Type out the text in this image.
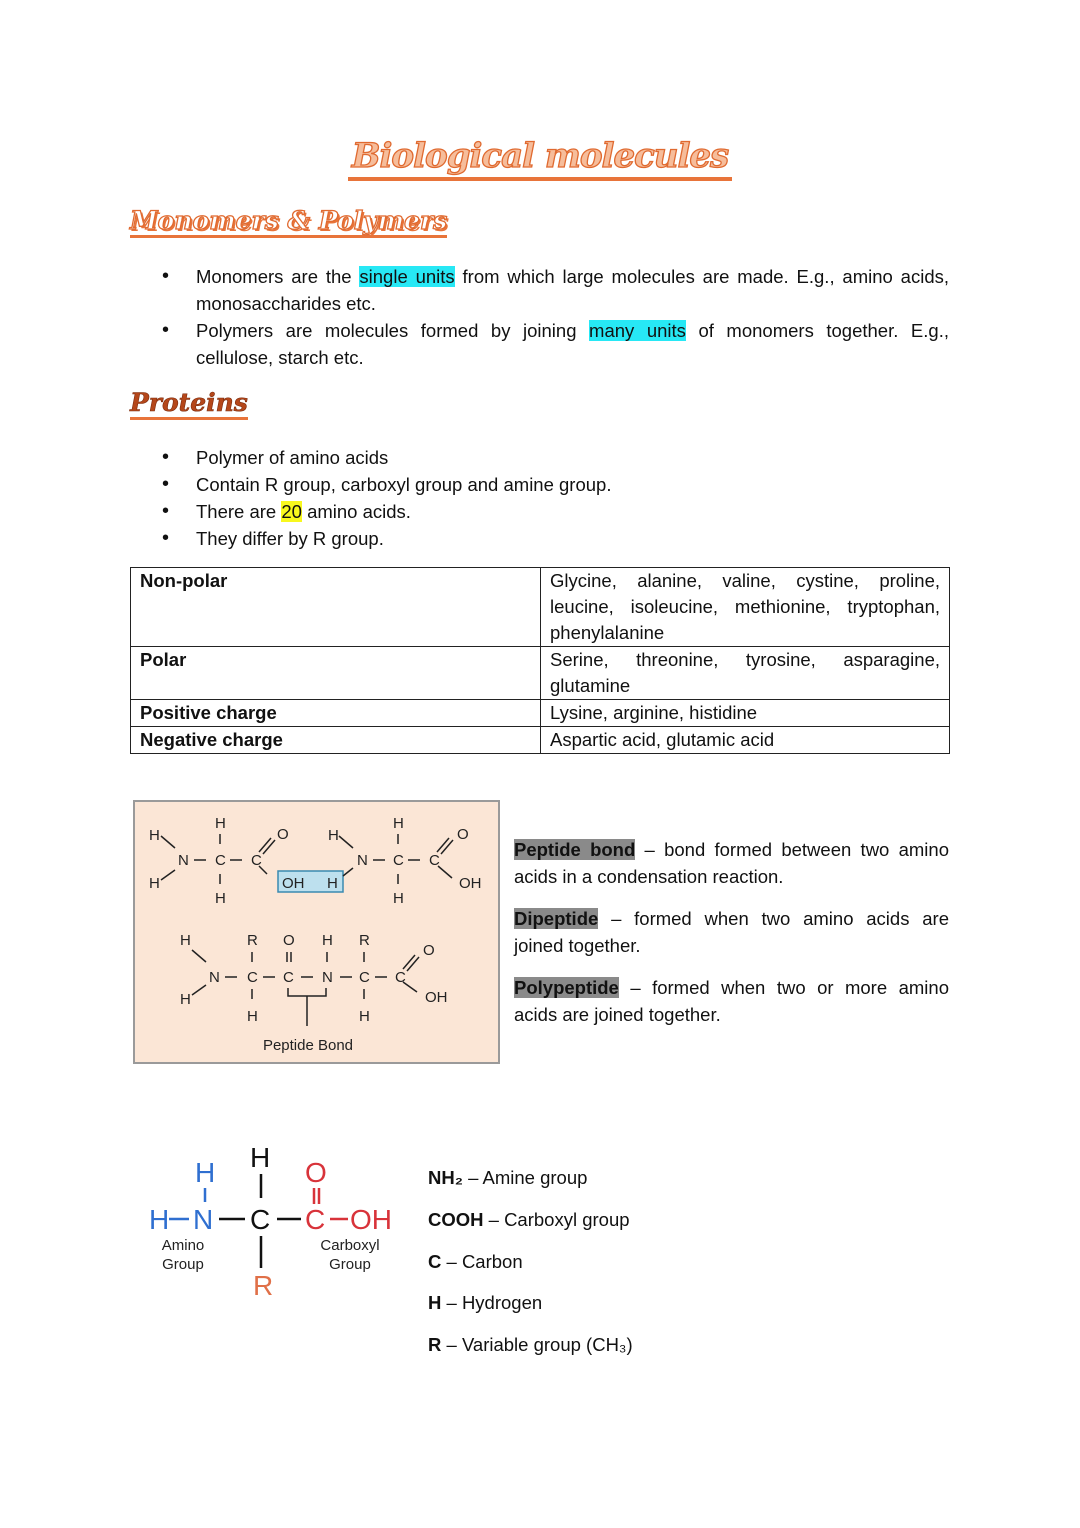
Biological molecules
Monomers & Polymers
• Monomers are the single units from which large molecules are made. E.g., amino acids, monosaccharides etc.
• Polymers are molecules formed by joining many units of monomers together. E.g., cellulose, starch etc.
Proteins
• Polymer of amino acids
• Contain R group, carboxyl group and amine group.
• There are 20 amino acids.
• They differ by R group.
Non-polar	Glycine, alanine, valine, cystine, proline, leucine, isoleucine, methionine, tryptophan, phenylalanine
Polar	Serine, threonine, tyrosine, asparagine, glutamine
Positive charge	Lysine, arginine, histidine
Negative charge	Aspartic acid, glutamic acid
H
H
N
H
C
H
C
O	H
N
H
C
H
C
O
OH
H
H
N
R
C
H
O
C
H
N
R
C
H
C
O
OH
OH H
Peptide Bond
Peptide bond – bond formed between two amino acids in a condensation reaction.
Dipeptide – formed when two amino acids are joined together.
Polypeptide – formed when two or more amino acids are joined together.
H
H N
H
C
O
C OH
R
Amino
Group
Carboxyl
Group
NH₂ – Amine group
COOH – Carboxyl group
C – Carbon
H – Hydrogen
R – Variable group (CH₃)
